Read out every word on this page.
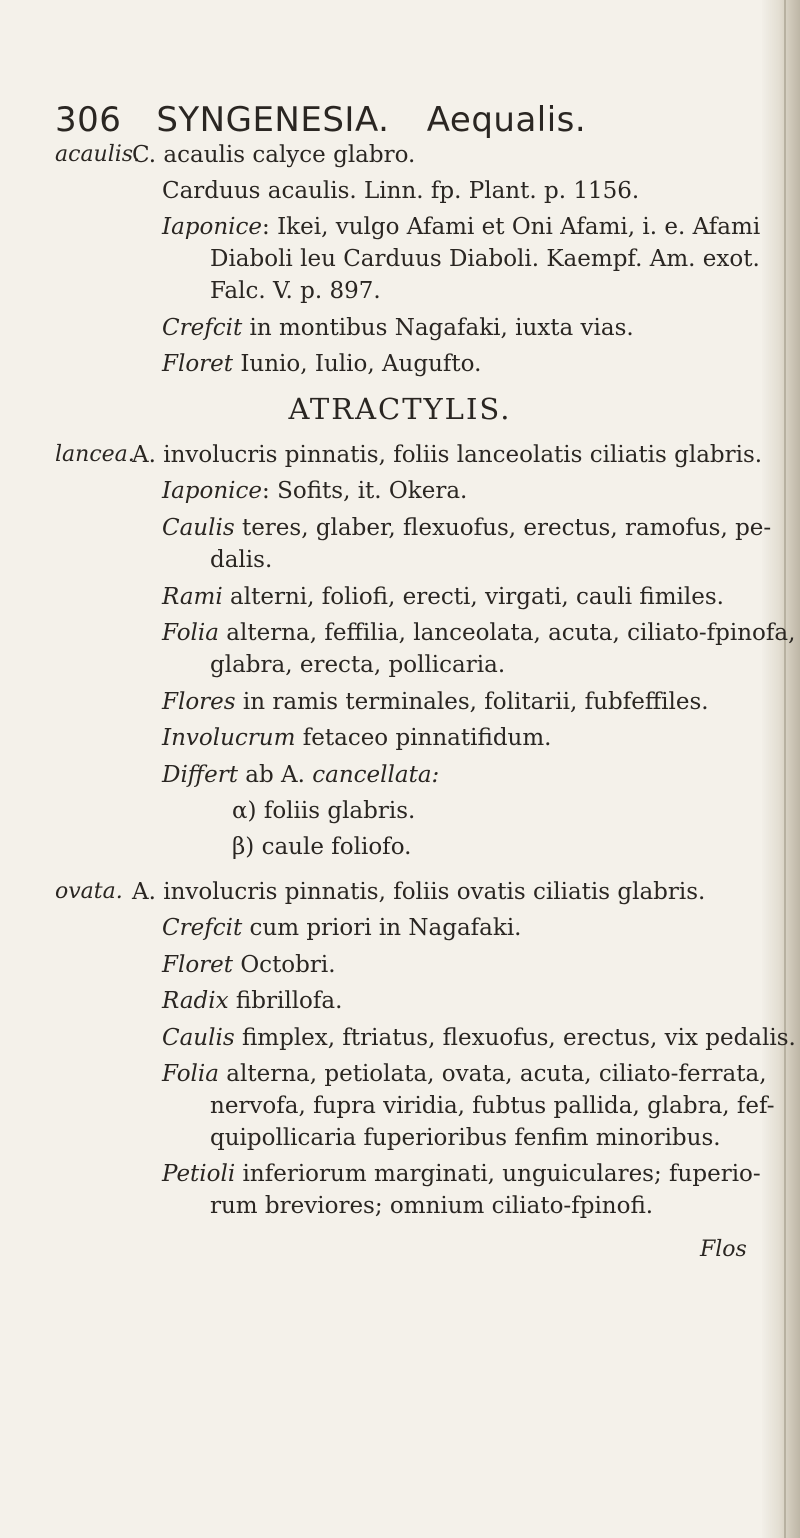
306 SYNGENESIA. Aequalis.
acaulis.
C. acaulis calyce glabro.
Carduus acaulis. Linn. fp. Plant. p. 1156.
Iaponice: Ikei, vulgo Afami et Oni Afami, i. e. Afami
Diaboli leu Carduus Diaboli. Kaempf. Am. exot.
Falc. V. p. 897.
Crefcit in montibus Nagafaki, iuxta vias.
Floret Iunio, Iulio, Augufto.
ATRACTYLIS.
lancea.
A. involucris pinnatis, foliis lanceolatis ciliatis glabris.
Iaponice: Sofits, it. Okera.
Caulis teres, glaber, flexuofus, erectus, ramofus, pe-
dalis.
Rami alterni, foliofi, erecti, virgati, cauli fimiles.
Folia alterna, feffilia, lanceolata, acuta, ciliato-fpinofa,
glabra, erecta, pollicaria.
Flores in ramis terminales, folitarii, fubfeffiles.
Involucrum fetaceo pinnatifidum.
Differt ab A. cancellata:
α) foliis glabris.
β) caule foliofo.
ovata. A. involucris pinnatis, foliis ovatis ciliatis glabris.
Crefcit cum priori in Nagafaki.
Floret Octobri.
Radix fibrillofa.
Caulis fimplex, ftriatus, flexuofus, erectus, vix pedalis.
Folia alterna, petiolata, ovata, acuta, ciliato-ferrata,
nervofa, fupra viridia, fubtus pallida, glabra, fef-
quipollicaria fuperioribus fenfim minoribus.
Petioli inferiorum marginati, unguiculares; fuperio-
rum breviores; omnium ciliato-fpinofi.
Flos
